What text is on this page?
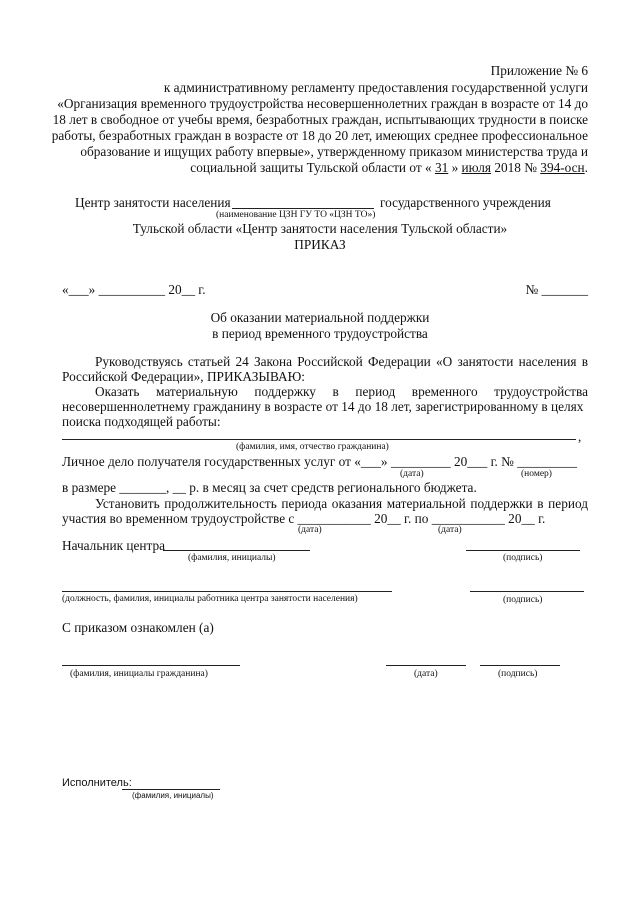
Приложение № 6
к административному регламенту предоставления государственной услуги
«Организация временного трудоустройства несовершеннолетних граждан в возрасте от 14 до
18 лет в свободное от учебы время, безработных граждан, испытывающих трудности в поиске
работы, безработных граждан в возрасте от 18 до 20 лет, имеющих среднее профессиональное
образование и ищущих работу впервые», утвержденному приказом министерства труда и
социальной защиты Тульской области от « 31 » июля 2018 № 394-осн.
Центр занятости населения	государственного учреждения
(наименование ЦЗН ГУ ТО «ЦЗН ТО»)
Тульской области «Центр занятости населения Тульской области»
ПРИКАЗ
«___» __________ 20__ г.	№ _______
Об оказании материальной поддержки
в период временного трудоустройства
Руководствуясь статьей 24 Закона Российской Федерации «О занятости населения в
Российской Федерации», ПРИКАЗЫВАЮ:
Оказать материальную поддержку в период временного трудоустройства
несовершеннолетнему гражданину в возрасте от 14 до 18 лет, зарегистрированному в целях
поиска подходящей работы:
,
(фамилия, имя, отчество гражданина)
Личное дело получателя государственных услуг от «___» _________ 20___ г. № _________
(дата)	(номер)
в размере _______, __ р. в месяц за счет средств регионального бюджета.
Установить продолжительность периода оказания материальной поддержки в период
участия во временном трудоустройстве с ___________ 20__ г. по ___________ 20__ г.
(дата)	(дата)
Начальник центра
(фамилия, инициалы)	(подпись)
(должность, фамилия, инициалы работника центра занятости населения)	(подпись)
С приказом ознакомлен (а)
(фамилия, инициалы гражданина)	(дата)	(подпись)
Исполнитель:
(фамилия, инициалы)
